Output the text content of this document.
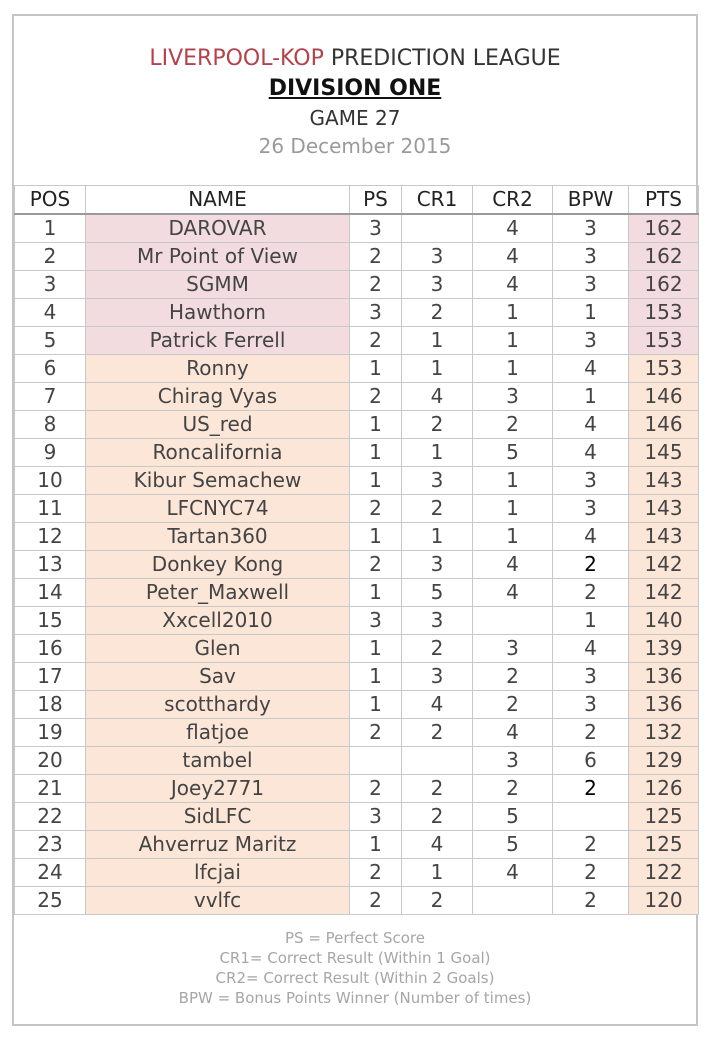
LIVERPOOL-KOP PREDICTION LEAGUE
DIVISION ONE
GAME 27
26 December 2015
POS	NAME	PS	CR1	CR2	BPW	PTS
1	DAROVAR	3		4	3	162
2	Mr Point of View	2	3	4	3	162
3	SGMM	2	3	4	3	162
4	Hawthorn	3	2	1	1	153
5	Patrick Ferrell	2	1	1	3	153
6	Ronny	1	1	1	4	153
7	Chirag Vyas	2	4	3	1	146
8	US_red	1	2	2	4	146
9	Roncalifornia	1	1	5	4	145
10	Kibur Semachew	1	3	1	3	143
11	LFCNYC74	2	2	1	3	143
12	Tartan360	1	1	1	4	143
13	Donkey Kong	2	3	4	2	142
14	Peter_Maxwell	1	5	4	2	142
15	Xxcell2010	3	3		1	140
16	Glen	1	2	3	4	139
17	Sav	1	3	2	3	136
18	scotthardy	1	4	2	3	136
19	flatjoe	2	2	4	2	132
20	tambel			3	6	129
21	Joey2771	2	2	2	2	126
22	SidLFC	3	2	5		125
23	Ahverruz Maritz	1	4	5	2	125
24	lfcjai	2	1	4	2	122
25	vvlfc	2	2		2	120
PS = Perfect Score
CR1= Correct Result (Within 1 Goal)
CR2= Correct Result (Within 2 Goals)
BPW = Bonus Points Winner (Number of times)
